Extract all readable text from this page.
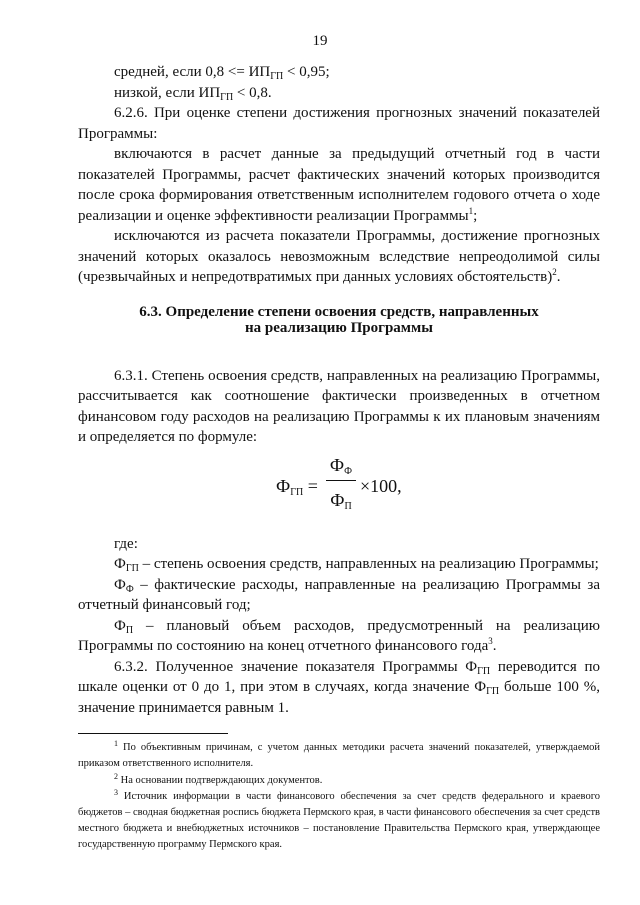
19

средней, если $0,8 <= ИП_{ГП} < 0,95$;

низкой, если $ИП_{ГП} < 0,8$.

6.2.6. При оценке степени достижения прогнозных значений показателей Программы:

включаются в расчет данные за предыдущий отчетный год в части показателей Программы, расчет фактических значений которых производится после срока формирования ответственным исполнителем годового отчета о ходе реализации и оценке эффективности реализации Программы$^1$;

исключаются из расчета показатели Программы, достижение прогнозных значений которых оказалось невозможным вследствие непреодолимой силы (чрезвычайных и непредотвратимых при данных условиях обстоятельств)$^2$.

6.3. Определение степени освоения средств, направленных
на реализацию Программы

6.3.1. Степень освоения средств, направленных на реализацию Программы, рассчитывается как соотношение фактически произведенных в отчетном финансовом году расходов на реализацию Программы к их плановым значениям и определяется по формуле:

$Ф_{ГП}$ =
$Ф_Ф$
$Ф_П$
×100,

где:

$Ф_{ГП}$ – степень освоения средств, направленных на реализацию Программы;

$Ф_Ф$ – фактические расходы, направленные на реализацию Программы за отчетный финансовый год;

$Ф_П$ – плановый объем расходов, предусмотренный на реализацию Программы по состоянию на конец отчетного финансового года$^3$.

6.3.2. Полученное значение показателя Программы $Ф_{ГП}$ переводится по шкале оценки от 0 до 1, при этом в случаях, когда значение $Ф_{ГП}$ больше 100 %, значение принимается равным 1.

$^1$ По объективным причинам, с учетом данных методики расчета значений показателей, утверждаемой приказом ответственного исполнителя.

$^2$ На основании подтверждающих документов.

$^3$ Источник информации в части финансового обеспечения за счет средств федерального и краевого бюджетов – сводная бюджетная роспись бюджета Пермского края, в части финансового обеспечения за счет средств местного бюджета и внебюджетных источников – постановление Правительства Пермского края, утверждающее государственную программу Пермского края.
